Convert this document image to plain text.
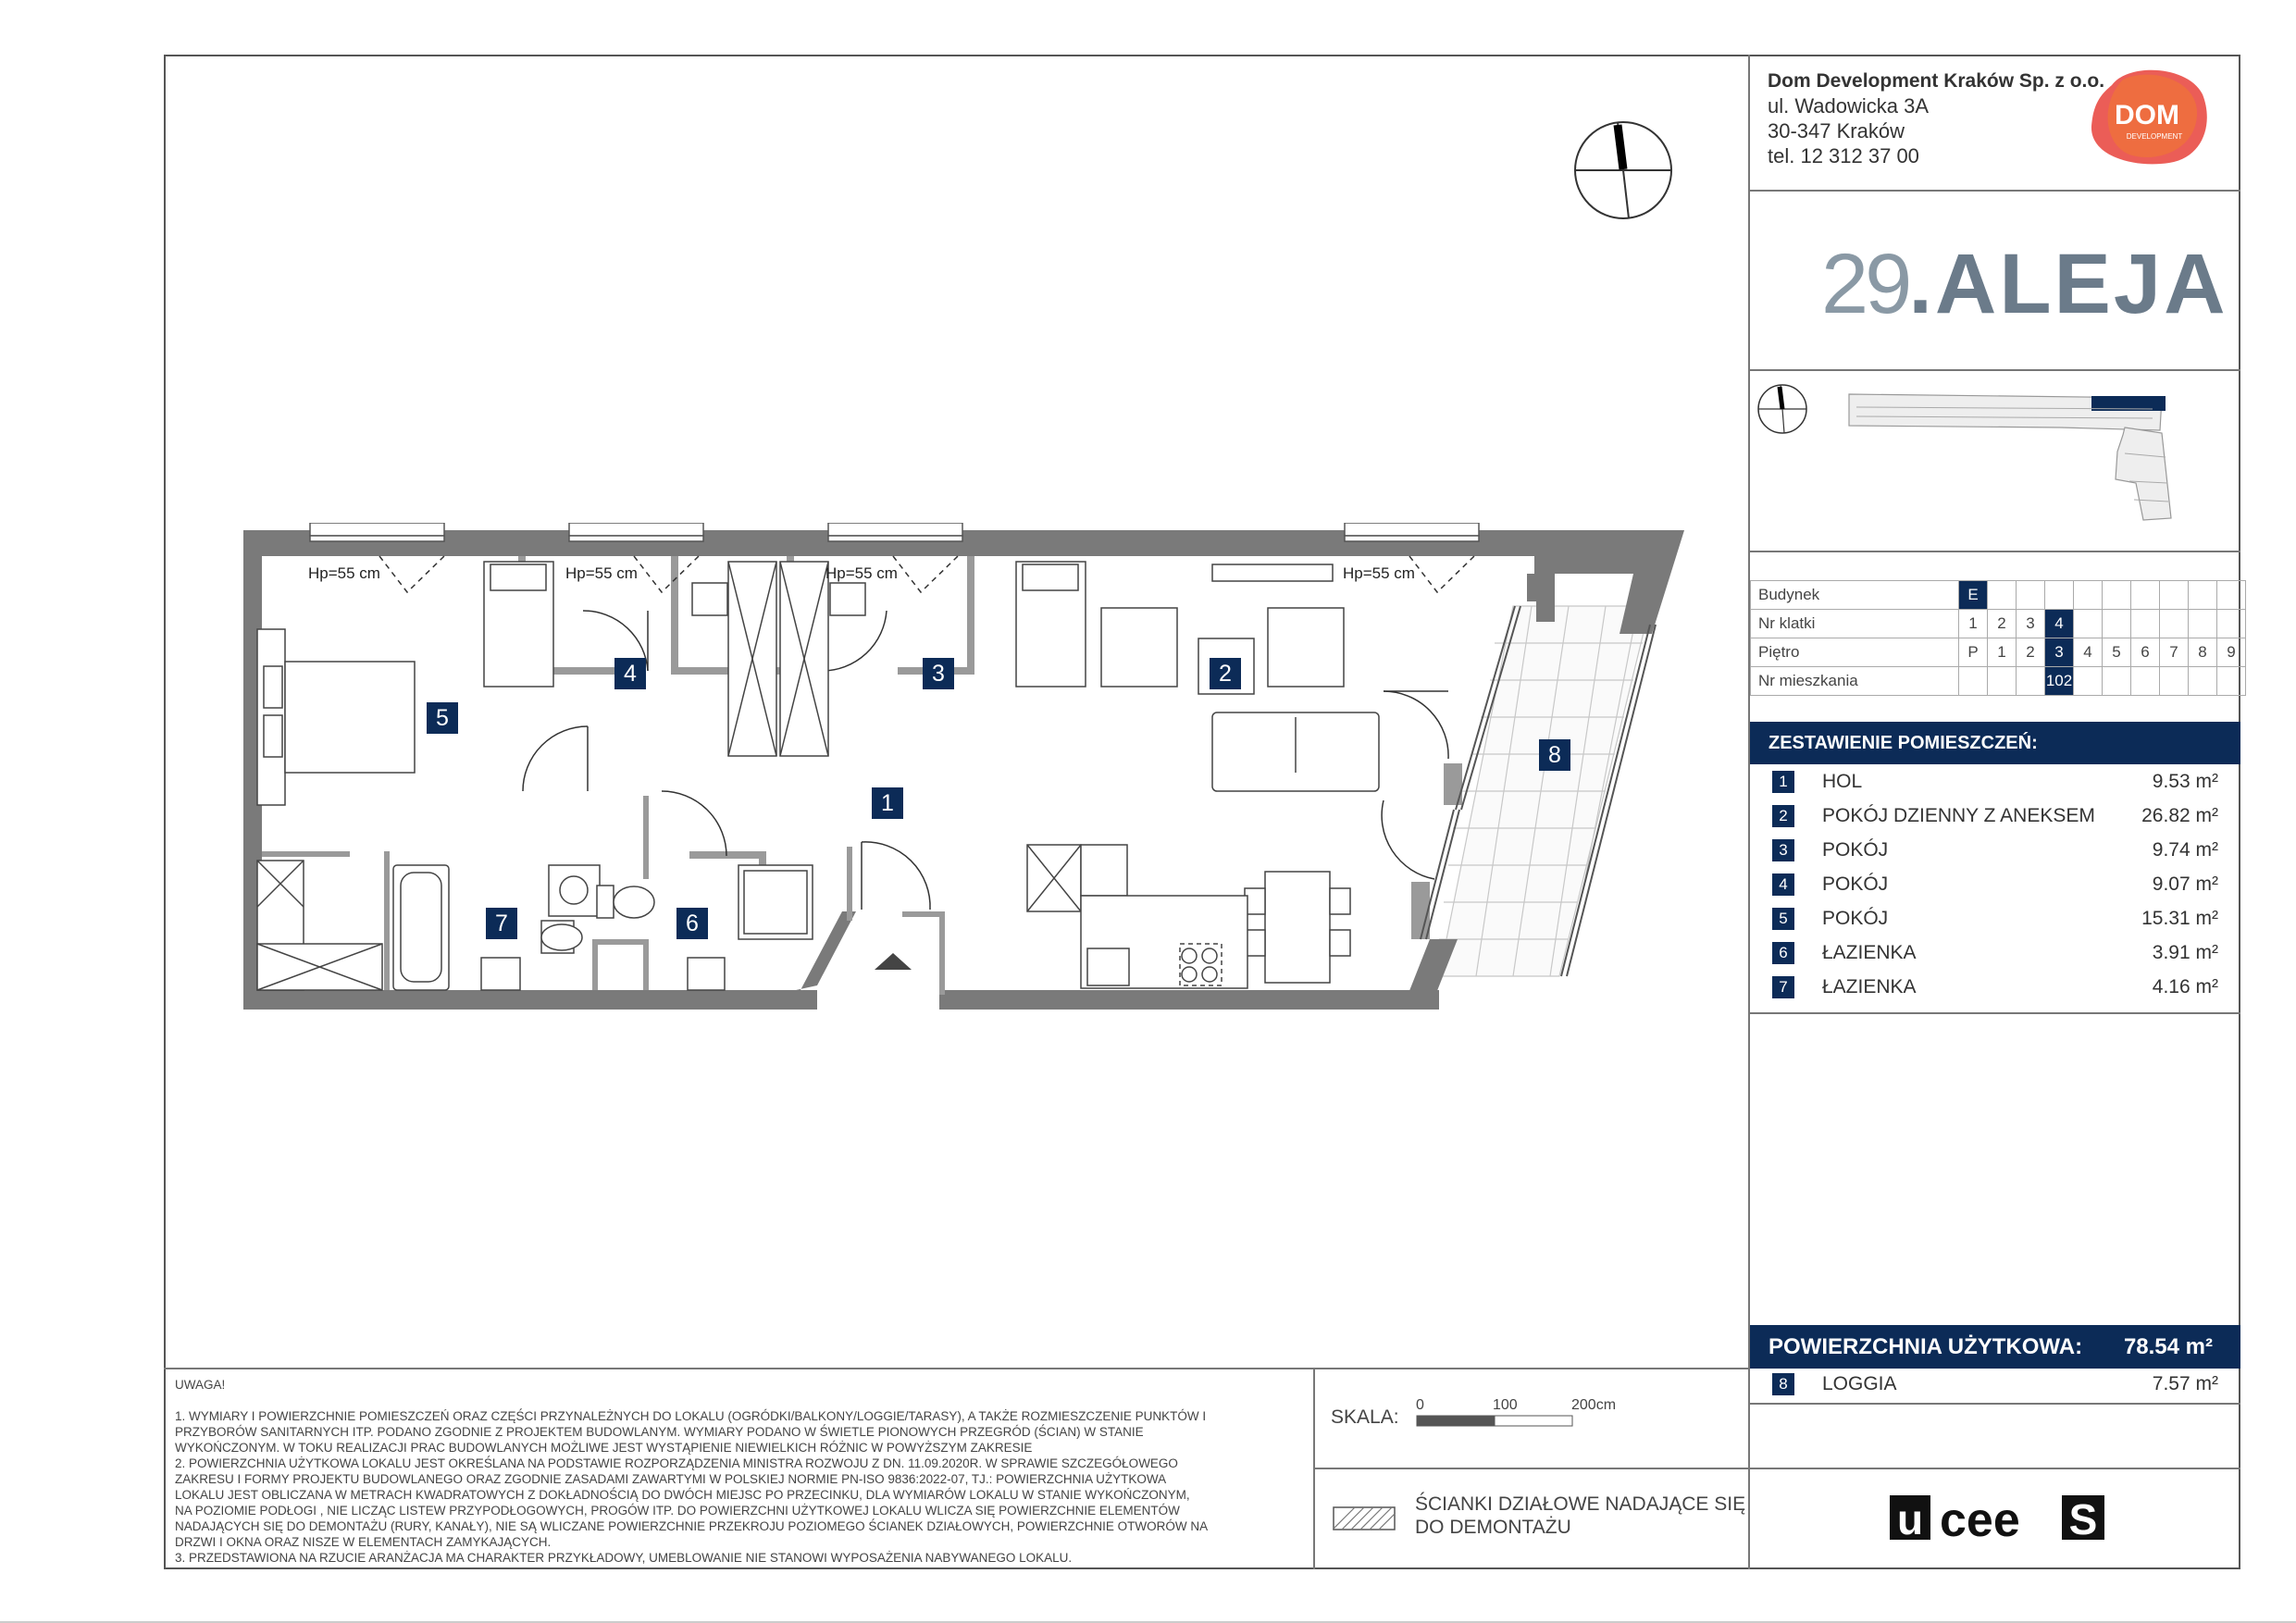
Dom Development Kraków Sp. z o.o.
ul. Wadowicka 3A
30-347 Kraków
tel. 12 312 37 00
DOM
DEVELOPMENT
29.ALEJA
Budynek	E									
Nr klatki	1	2	3	4						
Piętro	P	1	2	3	4	5	6	7	8	9
Nr mieszkania				102						
ZESTAWIENIE POMIESZCZEŃ:
1	HOL	9.53 m²
2	POKÓJ DZIENNY Z ANEKSEM 26.82 m²
3	POKÓJ	9.74 m²
4	POKÓJ	9.07 m²
5	POKÓJ	15.31 m²
6	ŁAZIENKA	3.91 m²
7	ŁAZIENKA	4.16 m²
POWIERZCHNIA UŻYTKOWA: 78.54 m²
8	LOGGIA	7.57 m²
UWAGA!
1. WYMIARY I POWIERZCHNIE POMIESZCZEŃ ORAZ CZĘŚCI PRZYNALEŻNYCH DO LOKALU (OGRÓDKI/BALKONY/LOGGIE/TARASY), A TAKŻE ROZMIESZCZENIE PUNKTÓW I
PRZYBORÓW SANITARNYCH ITP. PODANO ZGODNIE Z PROJEKTEM BUDOWLANYM. WYMIARY PODANO W ŚWIETLE PIONOWYCH PRZEGRÓD (ŚCIAN) W STANIE
WYKOŃCZONYM. W TOKU REALIZACJI PRAC BUDOWLANYCH MOŻLIWE JEST WYSTĄPIENIE NIEWIELKICH RÓŻNIC W POWYŻSZYM ZAKRESIE
2. POWIERZCHNIA UŻYTKOWA LOKALU JEST OKREŚLANA NA PODSTAWIE ROZPORZĄDZENIA MINISTRA ROZWOJU Z DN. 11.09.2020R. W SPRAWIE SZCZEGÓŁOWEGO
ZAKRESU I FORMY PROJEKTU BUDOWLANEGO ORAZ ZGODNIE ZASADAMI ZAWARTYMI W POLSKIEJ NORMIE PN-ISO 9836:2022-07, TJ.: POWIERZCHNIA UŻYTKOWA
LOKALU JEST OBLICZANA W METRACH KWADRATOWYCH Z DOKŁADNOŚCIĄ DO DWÓCH MIEJSC PO PRZECINKU, DLA WYMIARÓW LOKALU W STANIE WYKOŃCZONYM,
NA POZIOMIE PODŁOGI , NIE LICZĄC LISTEW PRZYPODŁOGOWYCH, PROGÓW ITP. DO POWIERZCHNI UŻYTKOWEJ LOKALU WLICZA SIĘ POWIERZCHNIE ELEMENTÓW
NADAJĄCYCH SIĘ DO DEMONTAŻU (RURY, KANAŁY), NIE SĄ WLICZANE POWIERZCHNIE PRZEKROJU POZIOMEGO ŚCIANEK DZIAŁOWYCH, POWIERZCHNIE OTWORÓW NA
DRZWI I OKNA ORAZ NISZE W ELEMENTACH ZAMYKAJĄCYCH.
3. PRZEDSTAWIONA NA RZUCIE ARANŻACJA MA CHARAKTER PRZYKŁADOWY, UMEBLOWANIE NIE STANOWI WYPOSAŻENIA NABYWANEGO LOKALU.
SKALA:
0	100	200cm
ŚCIANKI DZIAŁOWE NADAJĄCE SIĘ
DO DEMONTAŻU	u cee S
Hp=55 cm	Hp=55 cm	Hp=55 cm	Hp=55 cm
1
2
3
4
5
6
7
8
